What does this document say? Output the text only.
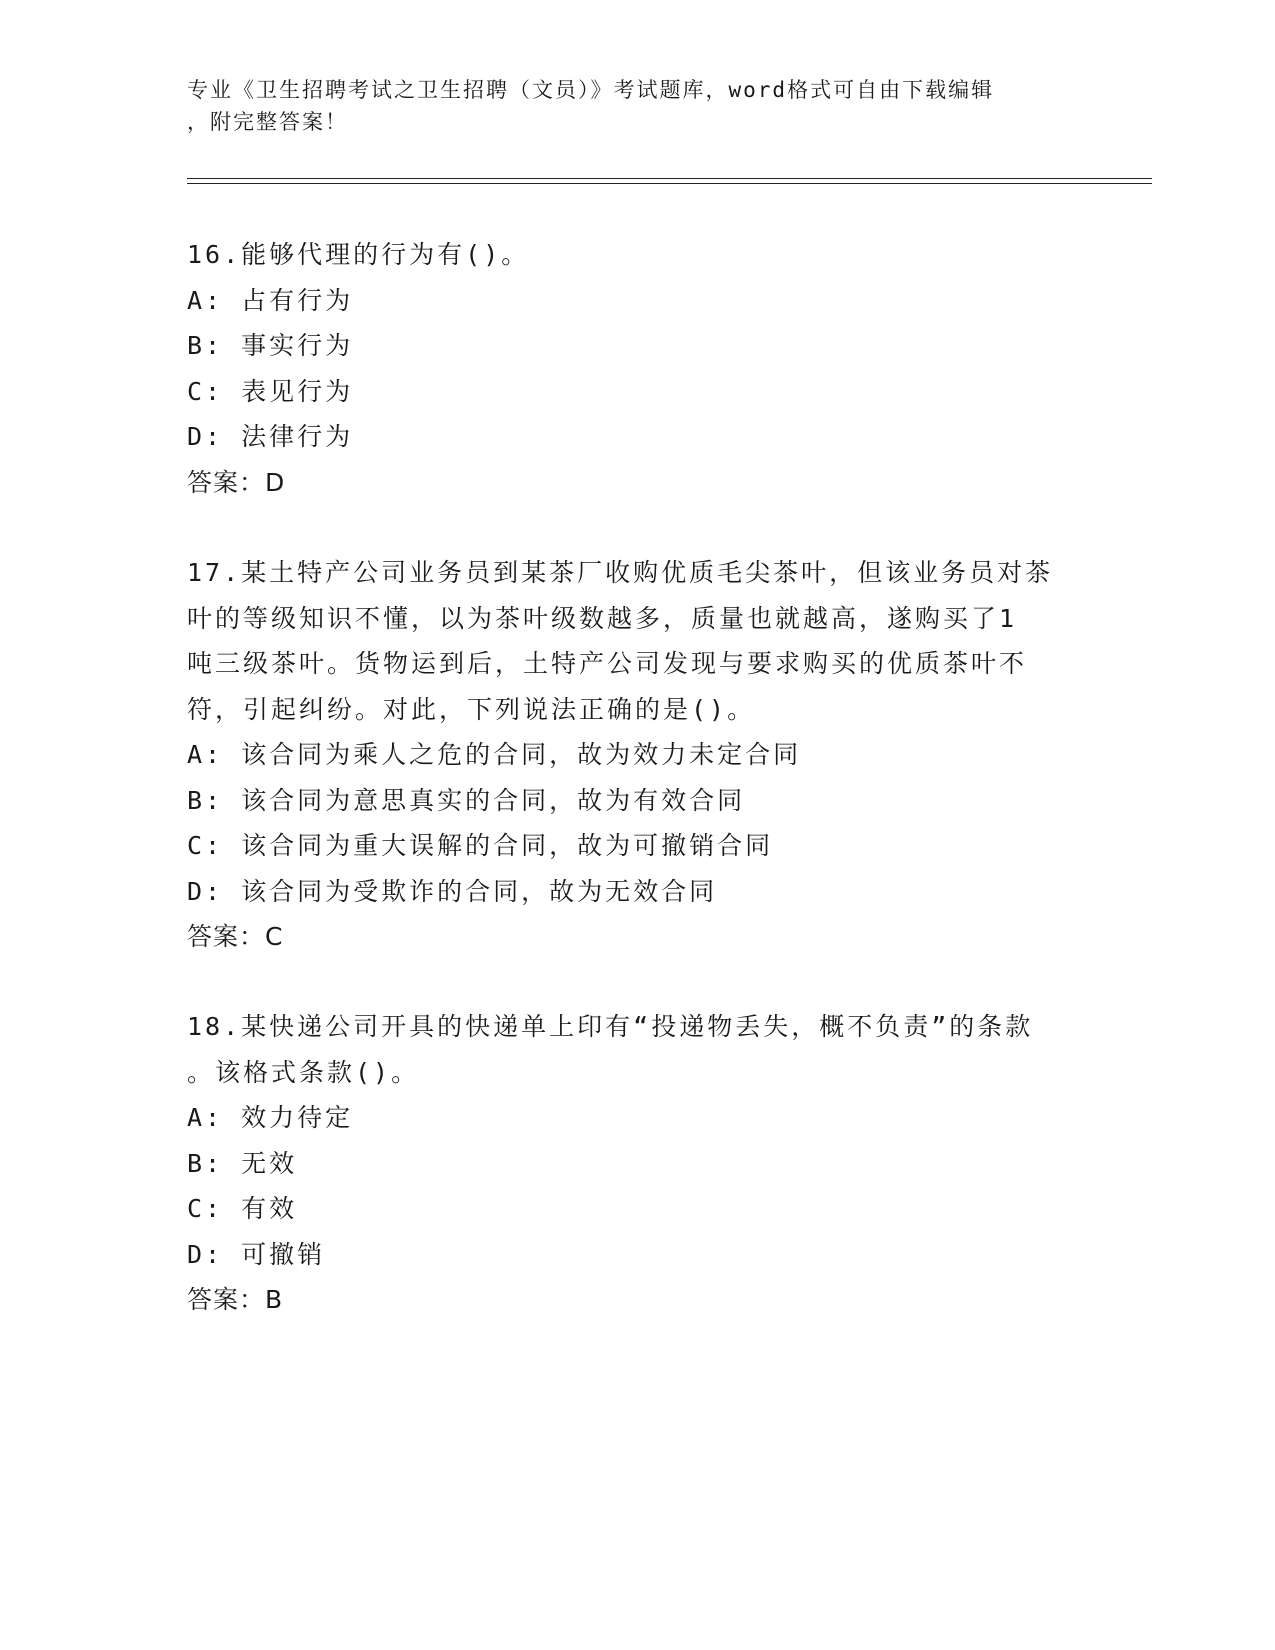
专业《卫生招聘考试之卫生招聘（文员）》考试题库，word格式可自由下载编辑
，附完整答案！
16.能够代理的行为有()。
A: 占有行为
B: 事实行为
C: 表见行为
D: 法律行为
答案：D
17.某土特产公司业务员到某茶厂收购优质毛尖茶叶，但该业务员对茶
叶的等级知识不懂，以为茶叶级数越多，质量也就越高，遂购买了1
吨三级茶叶。货物运到后，土特产公司发现与要求购买的优质茶叶不
符，引起纠纷。对此，下列说法正确的是()。
A: 该合同为乘人之危的合同，故为效力未定合同
B: 该合同为意思真实的合同，故为有效合同
C: 该合同为重大误解的合同，故为可撤销合同
D: 该合同为受欺诈的合同，故为无效合同
答案：C
18.某快递公司开具的快递单上印有“投递物丢失，概不负责”的条款
。该格式条款()。
A: 效力待定
B: 无效
C: 有效
D: 可撤销
答案：B
